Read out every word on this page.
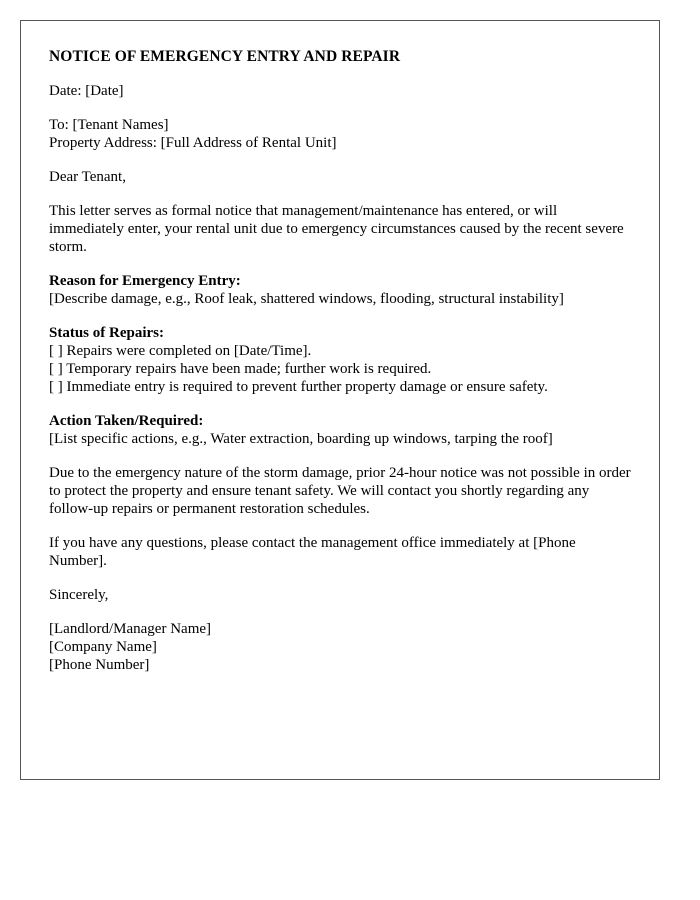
NOTICE OF EMERGENCY ENTRY AND REPAIR
Date: [Date]
To: [Tenant Names]
Property Address: [Full Address of Rental Unit]
Dear Tenant,
This letter serves as formal notice that management/maintenance has entered, or will immediately enter, your rental unit due to emergency circumstances caused by the recent severe storm.
Reason for Emergency Entry:
[Describe damage, e.g., Roof leak, shattered windows, flooding, structural instability]
Status of Repairs:
[ ] Repairs were completed on [Date/Time].
[ ] Temporary repairs have been made; further work is required.
[ ] Immediate entry is required to prevent further property damage or ensure safety.
Action Taken/Required:
[List specific actions, e.g., Water extraction, boarding up windows, tarping the roof]
Due to the emergency nature of the storm damage, prior 24-hour notice was not possible in order to protect the property and ensure tenant safety. We will contact you shortly regarding any follow-up repairs or permanent restoration schedules.
If you have any questions, please contact the management office immediately at [Phone Number].
Sincerely,
[Landlord/Manager Name]
[Company Name]
[Phone Number]
